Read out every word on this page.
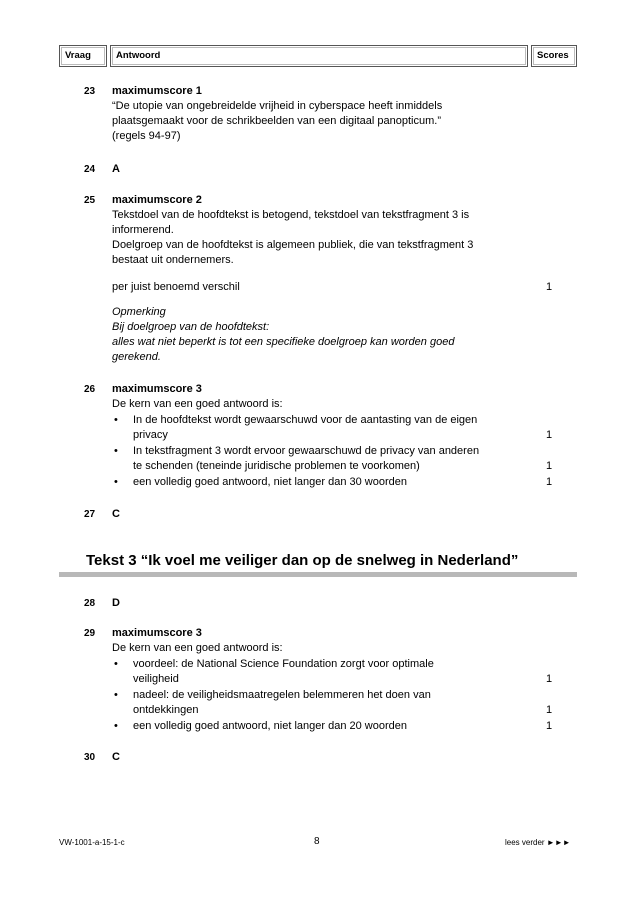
Vraag	Antwoord	Scores
23 maximumscore 1
“De utopie van ongebreidelde vrijheid in cyberspace heeft inmiddels
plaatsgemaakt voor de schrikbeelden van een digitaal panopticum.”
(regels 94-97)
24 A
25 maximumscore 2
Tekstdoel van de hoofdtekst is betogend, tekstdoel van tekstfragment 3 is
informerend.
Doelgroep van de hoofdtekst is algemeen publiek, die van tekstfragment 3
bestaat uit ondernemers.
per juist benoemd verschil	1
Opmerking
Bij doelgroep van de hoofdtekst:
alles wat niet beperkt is tot een specifieke doelgroep kan worden goed
gerekend.
26 maximumscore 3
De kern van een goed antwoord is:
• In de hoofdtekst wordt gewaarschuwd voor de aantasting van de eigen
privacy	1
• In tekstfragment 3 wordt ervoor gewaarschuwd de privacy van anderen
te schenden (teneinde juridische problemen te voorkomen)	1
• een volledig goed antwoord, niet langer dan 30 woorden	1
27 C
Tekst 3 “Ik voel me veiliger dan op de snelweg in Nederland”
28 D
29 maximumscore 3
De kern van een goed antwoord is:
• voordeel: de National Science Foundation zorgt voor optimale
veiligheid	1
• nadeel: de veiligheidsmaatregelen belemmeren het doen van
ontdekkingen	1
• een volledig goed antwoord, niet langer dan 20 woorden	1
30 C
VW-1001-a-15-1-c	8	lees verder ►►►
